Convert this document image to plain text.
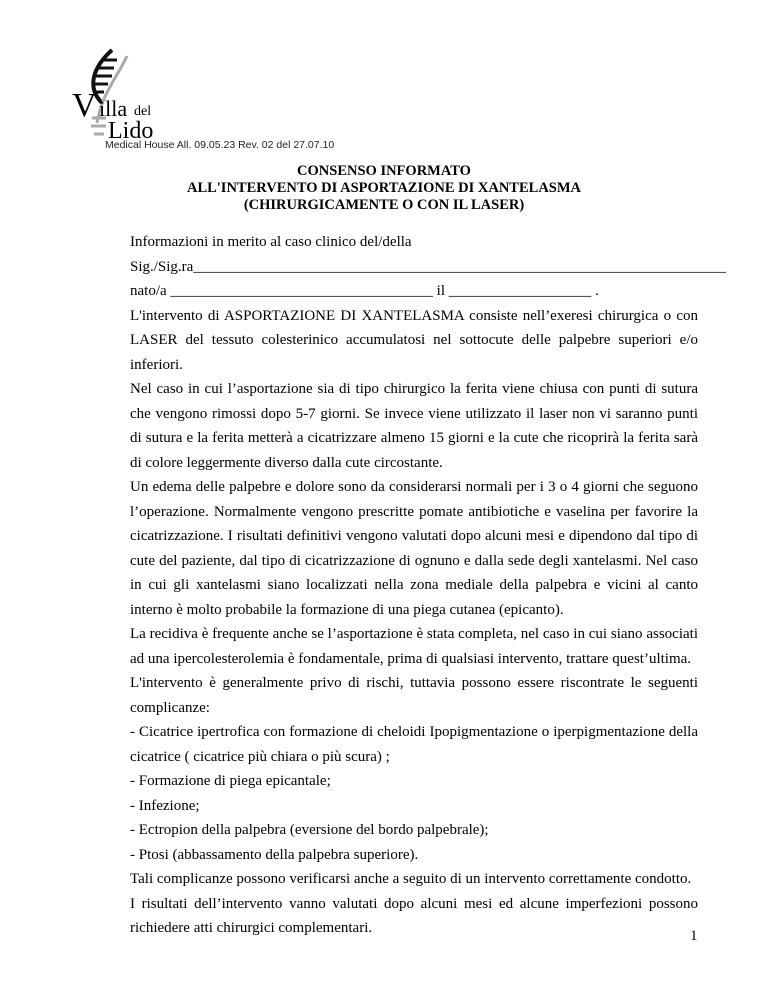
V illa del
Lido
Medical House All. 09.05.23 Rev. 02 del 27.07.10
CONSENSO INFORMATO
ALL'INTERVENTO DI ASPORTAZIONE DI XANTELASMA
(CHIRURGICAMENTE O CON IL LASER)

Informazioni in merito al caso clinico del/della

Sig./Sig.ra_______________________________________________________________________

nato/a ___________________________________ il ___________________ .

L'intervento di ASPORTAZIONE DI XANTELASMA consiste nell’exeresi chirurgica o con LASER del tessuto colesterinico accumulatosi nel sottocute delle palpebre superiori e/o inferiori.

Nel caso in cui l’asportazione sia di tipo chirurgico la ferita viene chiusa con punti di sutura che vengono rimossi dopo 5-7 giorni. Se invece viene utilizzato il laser non vi saranno punti di sutura e la ferita metterà a cicatrizzare almeno 15 giorni e la cute che ricoprirà la ferita sarà di colore leggermente diverso dalla cute circostante.

Un edema delle palpebre e dolore sono da considerarsi normali per i 3 o 4 giorni che seguono l’operazione. Normalmente vengono prescritte pomate antibiotiche e vaselina per favorire la cicatrizzazione. I risultati definitivi vengono valutati dopo alcuni mesi e dipendono dal tipo di cute del paziente, dal tipo di cicatrizzazione di ognuno e dalla sede degli xantelasmi. Nel caso in cui gli xantelasmi siano localizzati nella zona mediale della palpebra e vicini al canto interno è molto probabile la formazione di una piega cutanea (epicanto).

La recidiva è frequente anche se l’asportazione è stata completa, nel caso in cui siano associati ad una ipercolesterolemia è fondamentale, prima di qualsiasi intervento, trattare quest’ultima.

L'intervento è generalmente privo di rischi, tuttavia possono essere riscontrate le seguenti complicanze:

- Cicatrice ipertrofica con formazione di cheloidi Ipopigmentazione o iperpigmentazione della cicatrice ( cicatrice più chiara o più scura) ;

- Formazione di piega epicantale;

- Infezione;

- Ectropion della palpebra (eversione del bordo palpebrale);

- Ptosi (abbassamento della palpebra superiore).

Tali complicanze possono verificarsi anche a seguito di un intervento correttamente condotto.

I risultati dell’intervento vanno valutati dopo alcuni mesi ed alcune imperfezioni possono richiedere atti chirurgici complementari.	1
